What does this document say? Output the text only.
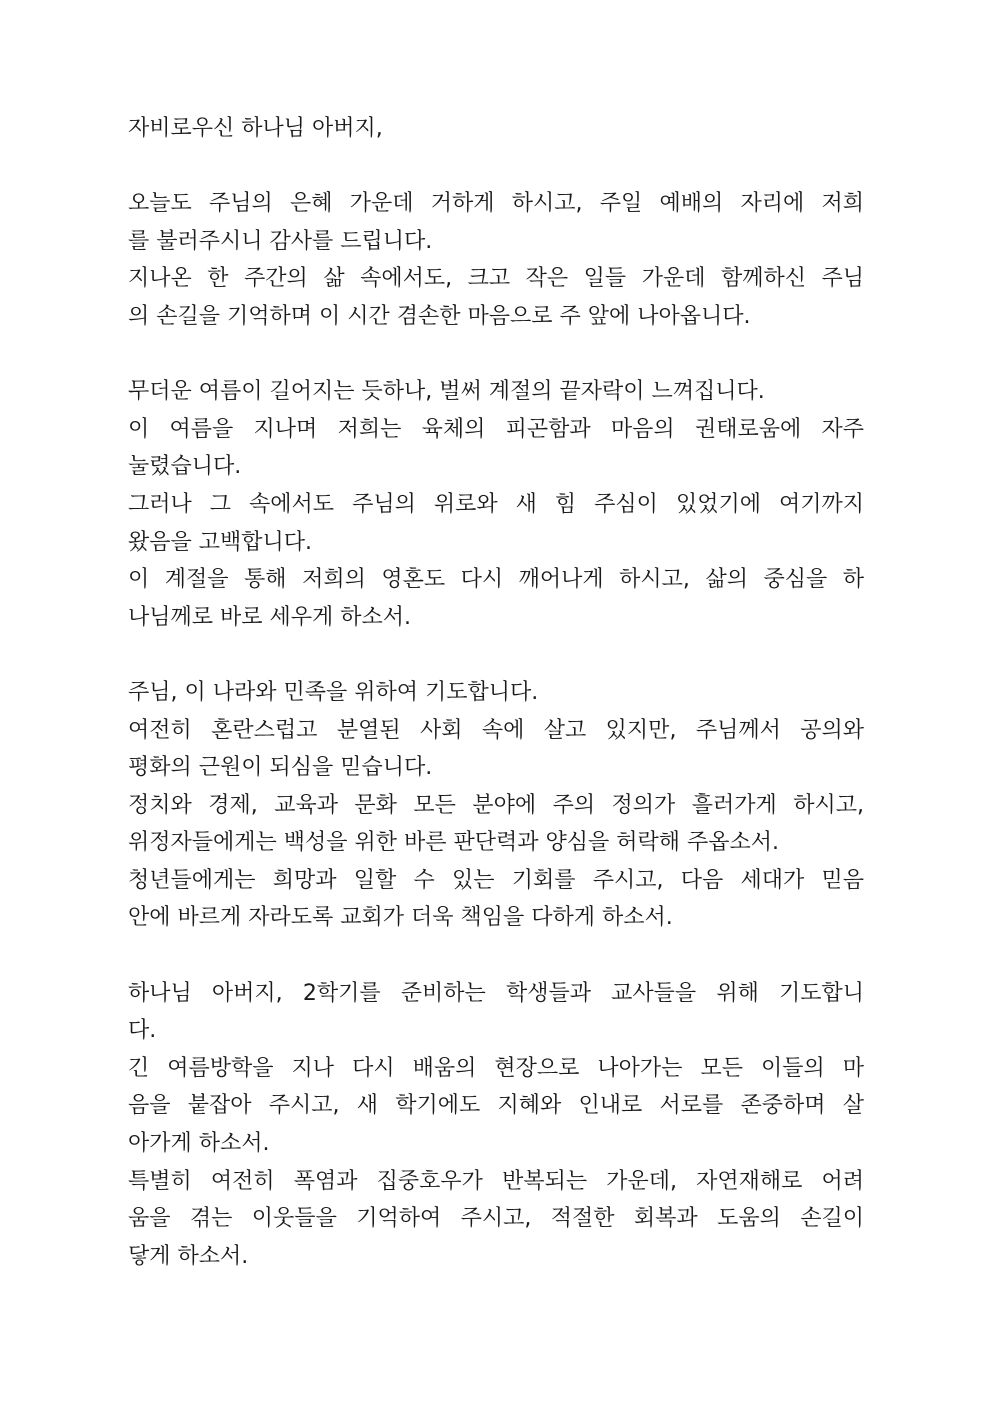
자비로우신 하나님 아버지,
오늘도 주님의 은혜 가운데 거하게 하시고, 주일 예배의 자리에 저희
를 불러주시니 감사를 드립니다.
지나온 한 주간의 삶 속에서도, 크고 작은 일들 가운데 함께하신 주님
의 손길을 기억하며 이 시간 겸손한 마음으로 주 앞에 나아옵니다.
무더운 여름이 길어지는 듯하나, 벌써 계절의 끝자락이 느껴집니다.
이 여름을 지나며 저희는 육체의 피곤함과 마음의 권태로움에 자주
눌렸습니다.
그러나 그 속에서도 주님의 위로와 새 힘 주심이 있었기에 여기까지
왔음을 고백합니다.
이 계절을 통해 저희의 영혼도 다시 깨어나게 하시고, 삶의 중심을 하
나님께로 바로 세우게 하소서.
주님, 이 나라와 민족을 위하여 기도합니다.
여전히 혼란스럽고 분열된 사회 속에 살고 있지만, 주님께서 공의와
평화의 근원이 되심을 믿습니다.
정치와 경제, 교육과 문화 모든 분야에 주의 정의가 흘러가게 하시고,
위정자들에게는 백성을 위한 바른 판단력과 양심을 허락해 주옵소서.
청년들에게는 희망과 일할 수 있는 기회를 주시고, 다음 세대가 믿음
안에 바르게 자라도록 교회가 더욱 책임을 다하게 하소서.
하나님 아버지, 2학기를 준비하는 학생들과 교사들을 위해 기도합니
다.
긴 여름방학을 지나 다시 배움의 현장으로 나아가는 모든 이들의 마
음을 붙잡아 주시고, 새 학기에도 지혜와 인내로 서로를 존중하며 살
아가게 하소서.
특별히 여전히 폭염과 집중호우가 반복되는 가운데, 자연재해로 어려
움을 겪는 이웃들을 기억하여 주시고, 적절한 회복과 도움의 손길이
닿게 하소서.
